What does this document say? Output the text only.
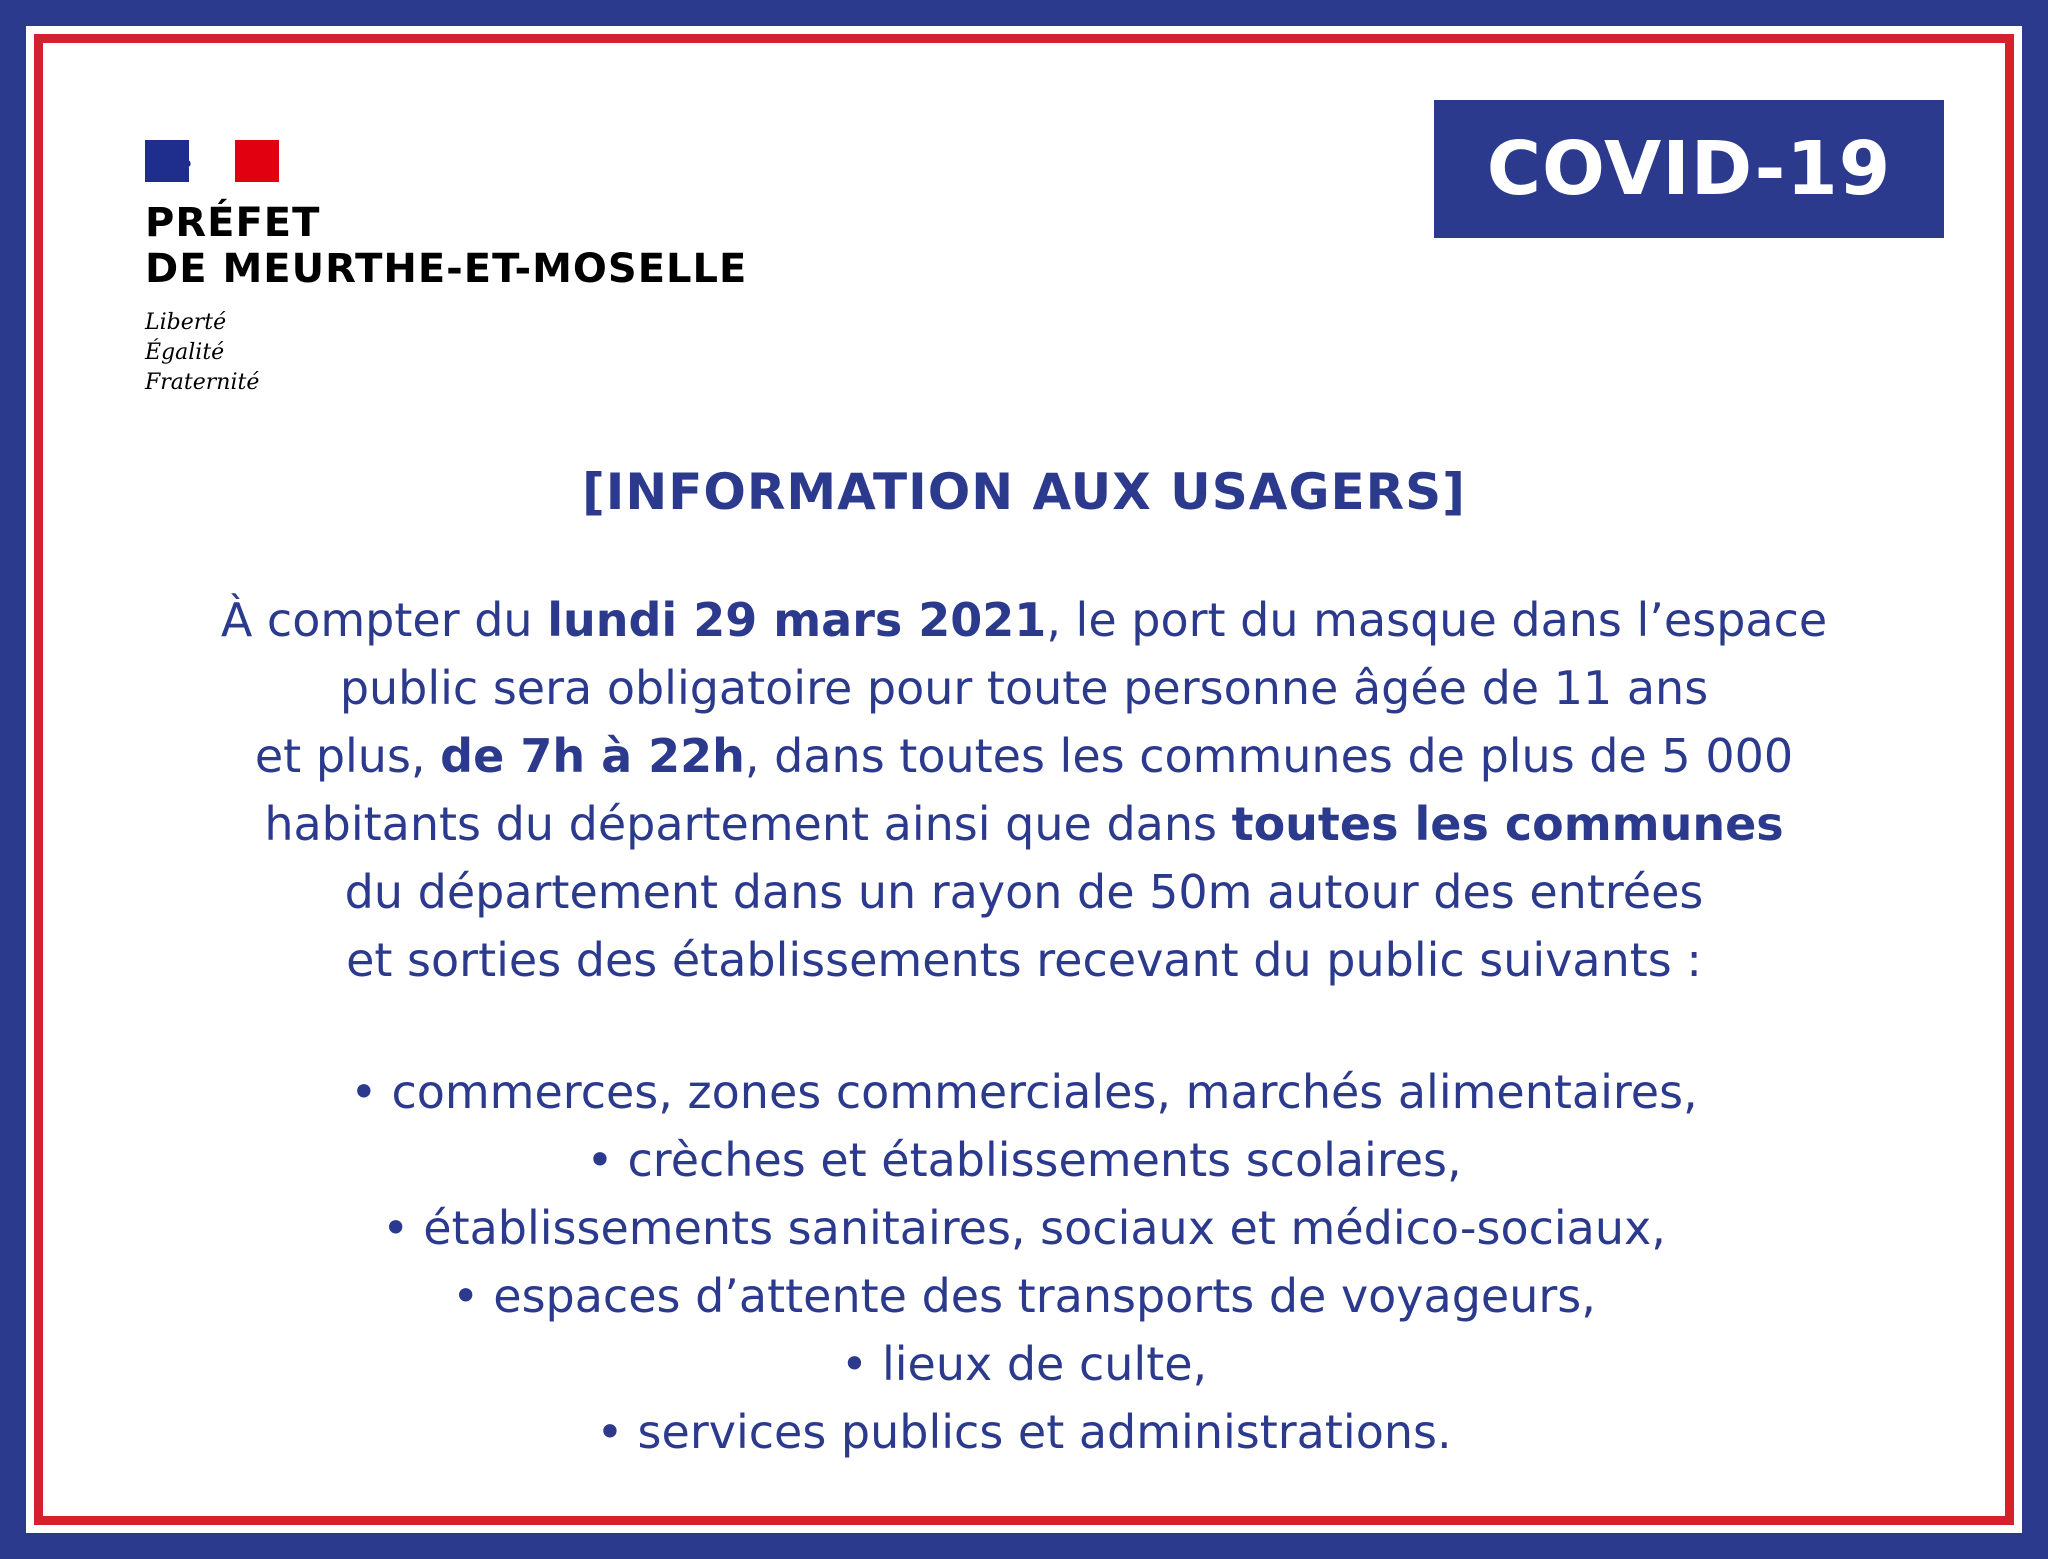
PRÉFET
DE MEURTHE-ET-MOSELLE
Liberté
Égalité
Fraternité
COVID-19
[INFORMATION AUX USAGERS]
À compter du lundi 29 mars 2021, le port du masque dans l’espace
public sera obligatoire pour toute personne âgée de 11 ans
et plus, de 7h à 22h, dans toutes les communes de plus de 5 000
habitants du département ainsi que dans toutes les communes
du département dans un rayon de 50m autour des entrées
et sorties des établissements recevant du public suivants :
• commerces, zones commerciales, marchés alimentaires,
• crèches et établissements scolaires,
• établissements sanitaires, sociaux et médico-sociaux,
• espaces d’attente des transports de voyageurs,
• lieux de culte,
• services publics et administrations.
